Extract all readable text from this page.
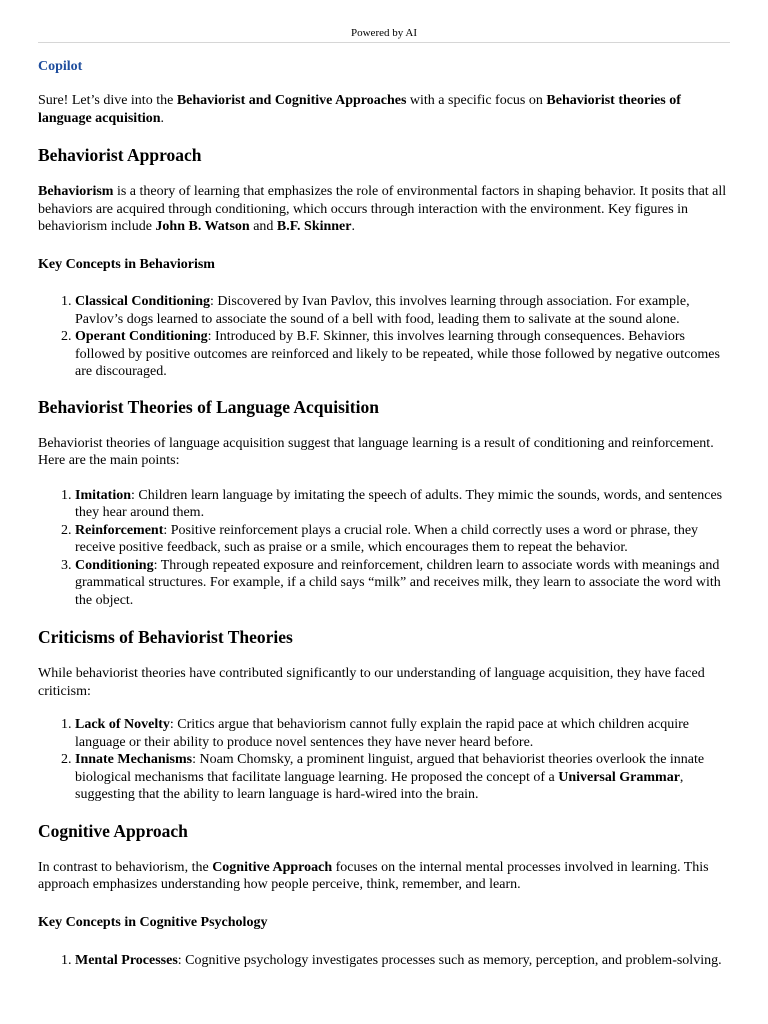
Powered by AI

Copilot

Sure! Let’s dive into the Behaviorist and Cognitive Approaches with a specific focus on Behaviorist theories of language acquisition.

Behaviorist Approach

Behaviorism is a theory of learning that emphasizes the role of environmental factors in shaping behavior. It posits that all behaviors are acquired through conditioning, which occurs through interaction with the environment. Key figures in behaviorism include John B. Watson and B.F. Skinner.

Key Concepts in Behaviorism
1. Classical Conditioning: Discovered by Ivan Pavlov, this involves learning through association. For example, Pavlov’s dogs learned to associate the sound of a bell with food, leading them to salivate at the sound alone.
2. Operant Conditioning: Introduced by B.F. Skinner, this involves learning through consequences. Behaviors followed by positive outcomes are reinforced and likely to be repeated, while those followed by negative outcomes are discouraged.
Behaviorist Theories of Language Acquisition

Behaviorist theories of language acquisition suggest that language learning is a result of conditioning and reinforcement. Here are the main points:

1. Imitation: Children learn language by imitating the speech of adults. They mimic the sounds, words, and sentences they hear around them.
2. Reinforcement: Positive reinforcement plays a crucial role. When a child correctly uses a word or phrase, they receive positive feedback, such as praise or a smile, which encourages them to repeat the behavior.
3. Conditioning: Through repeated exposure and reinforcement, children learn to associate words with meanings and grammatical structures. For example, if a child says “milk” and receives milk, they learn to associate the word with the object.
Criticisms of Behaviorist Theories

While behaviorist theories have contributed significantly to our understanding of language acquisition, they have faced criticism:

1. Lack of Novelty: Critics argue that behaviorism cannot fully explain the rapid pace at which children acquire language or their ability to produce novel sentences they have never heard before.
2. Innate Mechanisms: Noam Chomsky, a prominent linguist, argued that behaviorist theories overlook the innate biological mechanisms that facilitate language learning. He proposed the concept of a Universal Grammar, suggesting that the ability to learn language is hard-wired into the brain.
Cognitive Approach

In contrast to behaviorism, the Cognitive Approach focuses on the internal mental processes involved in learning. This approach emphasizes understanding how people perceive, think, remember, and learn.

Key Concepts in Cognitive Psychology
1. Mental Processes: Cognitive psychology investigates processes such as memory, perception, and problem-solving.
